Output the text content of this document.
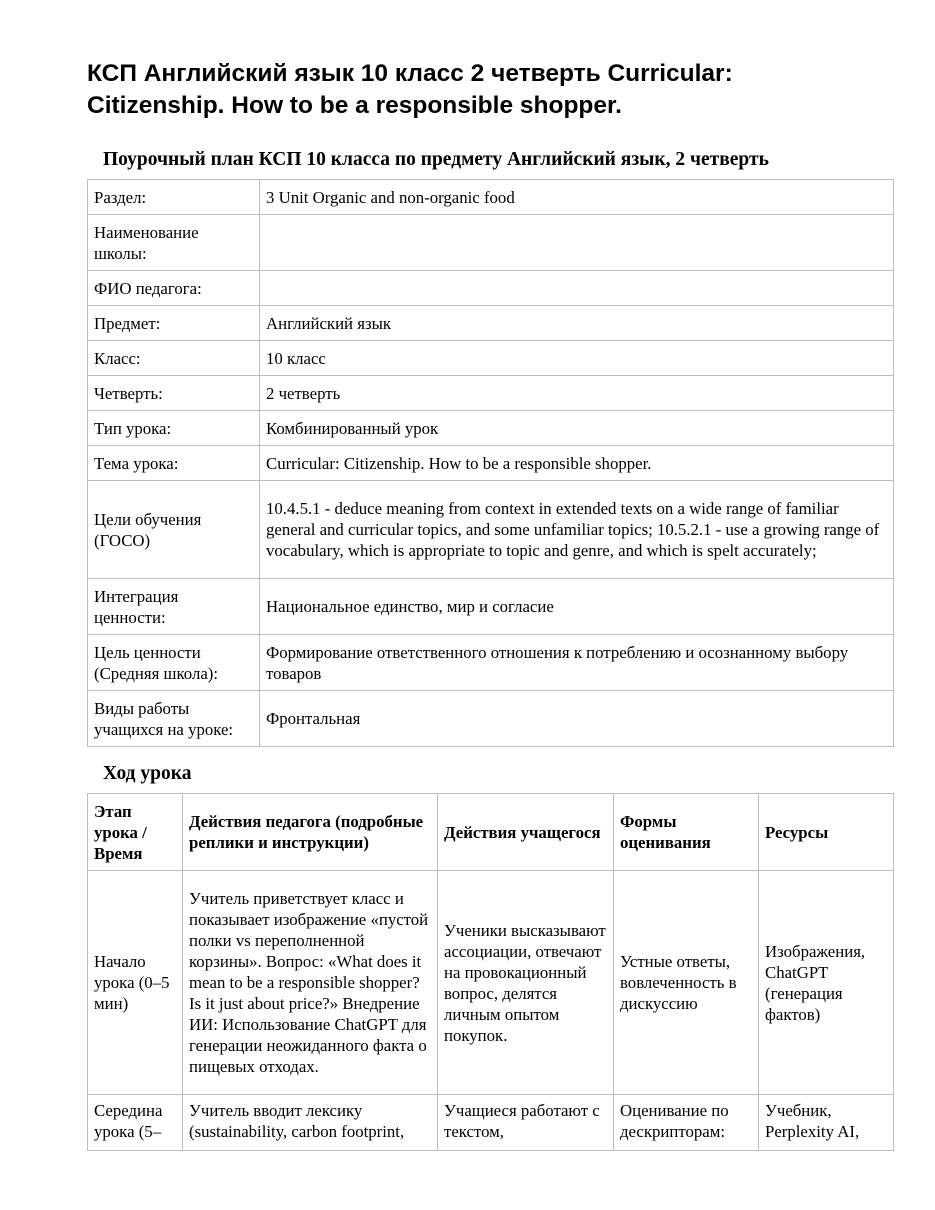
КСП Английский язык 10 класс 2 четверть Curricular: Citizenship. How to be a responsible shopper.

Поурочный план КСП 10 класса по предмету Английский язык, 2 четверть

Раздел:	3 Unit Organic and non-organic food
Наименование школы:	
ФИО педагога:	
Предмет:	Английский язык
Класс:	10 класс
Четверть:	2 четверть
Тип урока:	Комбинированный урок
Тема урока:	Curricular: Citizenship. How to be a responsible shopper.
Цели обучения (ГОСО)	10.4.5.1 - deduce meaning from context in extended texts on a wide range of familiar general and curricular topics, and some unfamiliar topics; 10.5.2.1 - use a growing range of vocabulary, which is appropriate to topic and genre, and which is spelt accurately;
Интеграция ценности:	Национальное единство, мир и согласие
Цель ценности (Средняя школа):	Формирование ответственного отношения к потреблению и осознанному выбору товаров
Виды работы учащихся на уроке:	Фронтальная

Ход урока

Этап урока / Время	Действия педагога (подробные реплики и инструкции)	Действия учащегося	Формы оценивания	Ресурсы
Начало урока (0–5 мин)	Учитель приветствует класс и показывает изображение «пустой полки vs переполненной корзины». Вопрос: «What does it mean to be a responsible shopper? Is it just about price?» Внедрение ИИ: Использование ChatGPT для генерации неожиданного факта о пищевых отходах.	Ученики высказывают ассоциации, отвечают на провокационный вопрос, делятся личным опытом покупок.	Устные ответы, вовлеченность в дискуссию	Изображения, ChatGPT (генерация фактов)
Середина урока (5–	Учитель вводит лексику (sustainability, carbon footprint,	Учащиеся работают с текстом,	Оценивание по дескрипторам:	Учебник, Perplexity AI,
